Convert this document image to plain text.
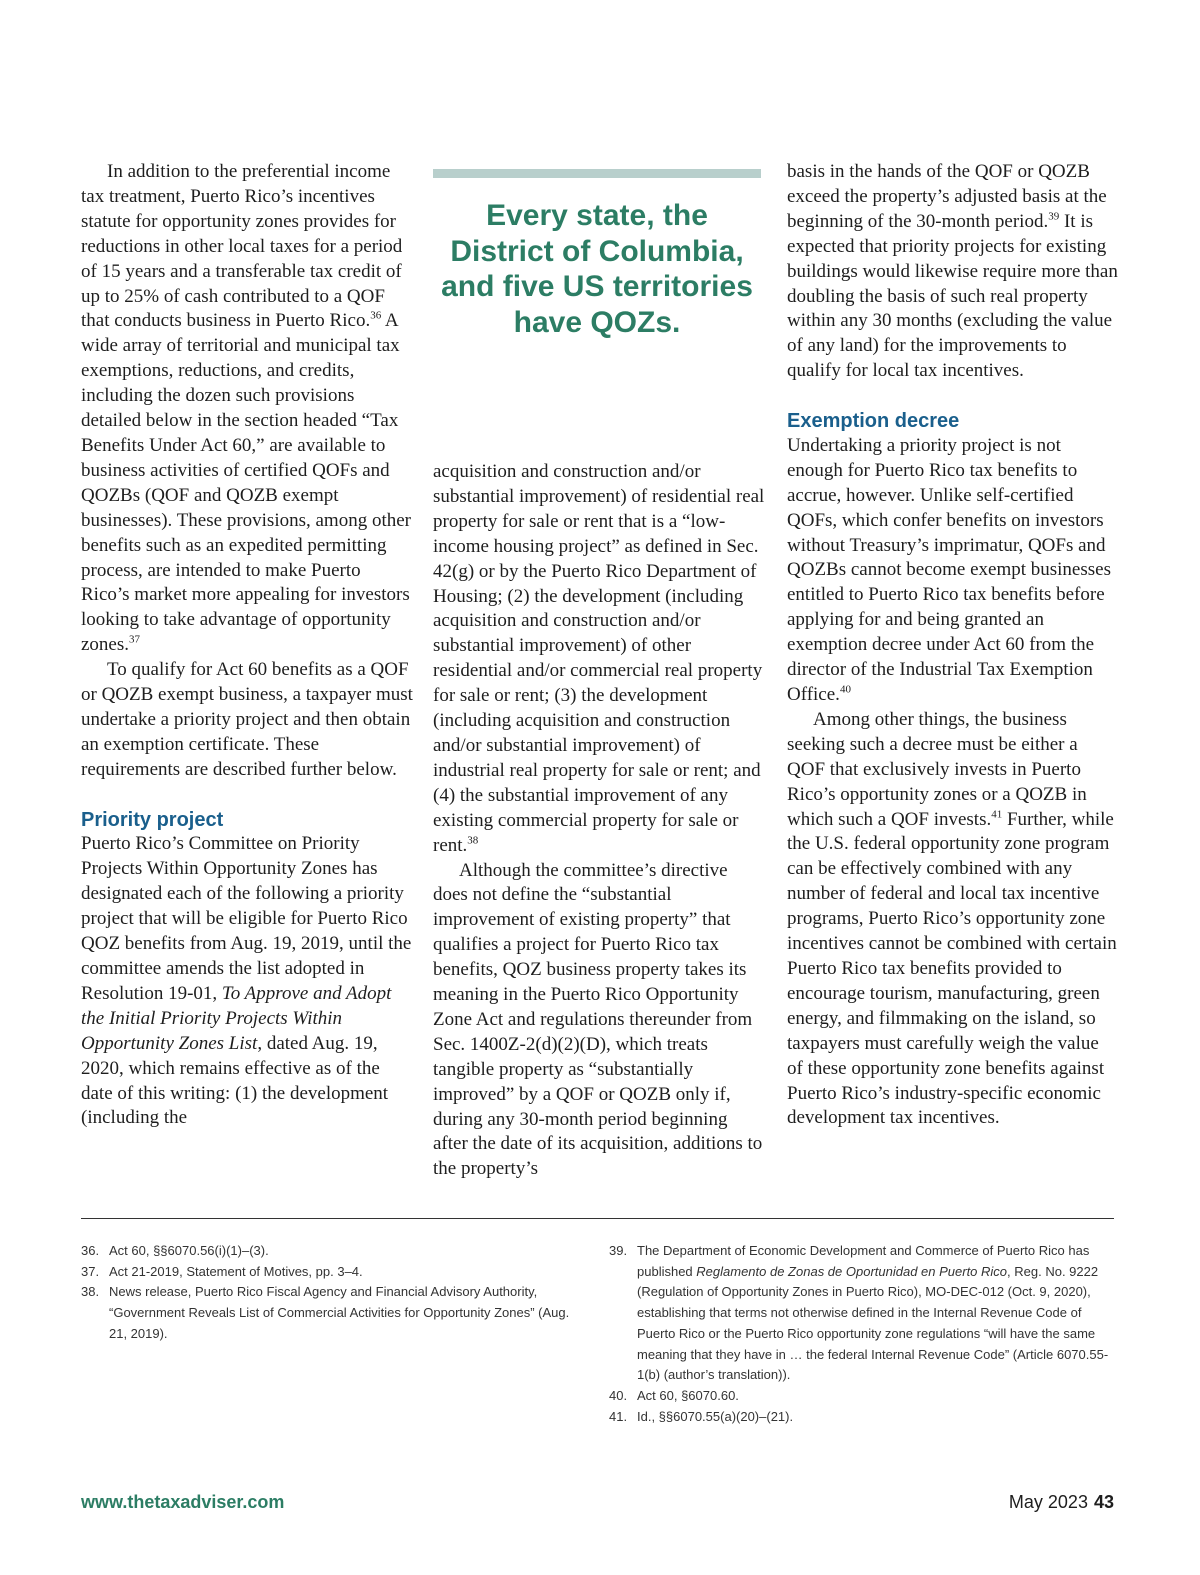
In addition to the preferential income tax treatment, Puerto Rico’s incentives statute for opportunity zones provides for reductions in other local taxes for a period of 15 years and a transferable tax credit of up to 25% of cash contributed to a QOF that conducts business in Puerto Rico.$^{36}$ A wide array of territorial and municipal tax exemptions, reductions, and credits, including the dozen such provisions detailed below in the section headed “Tax Benefits Under Act 60,” are available to business activities of certified QOFs and QOZBs (QOF and QOZB exempt businesses). These provisions, among other benefits such as an expedited permitting process, are intended to make Puerto Rico’s market more appealing for investors looking to take advantage of opportunity zones.$^{37}$

To qualify for Act 60 benefits as a QOF or QOZB exempt business, a taxpayer must undertake a priority project and then obtain an exemption certificate. These requirements are described further below.

Priority project

Puerto Rico’s Committee on Priority Projects Within Opportunity Zones has designated each of the following a priority project that will be eligible for Puerto Rico QOZ benefits from Aug. 19, 2019, until the committee amends the list adopted in Resolution 19-01, To Approve and Adopt the Initial Priority Projects Within Opportunity Zones List, dated Aug. 19, 2020, which remains effective as of the date of this writing: (1) the development (including the

Every state, the District of Columbia, and five US territories have QOZs.

acquisition and construction and/or substantial improvement) of residential real property for sale or rent that is a “low-income housing project” as defined in Sec. 42(g) or by the Puerto Rico Department of Housing; (2) the development (including acquisition and construction and/or substantial improvement) of other residential and/or commercial real property for sale or rent; (3) the development (including acquisition and construction and/or substantial improvement) of industrial real property for sale or rent; and (4) the substantial improvement of any existing commercial property for sale or rent.$^{38}$

Although the committee’s directive does not define the “substantial improvement of existing property” that qualifies a project for Puerto Rico tax benefits, QOZ business property takes its meaning in the Puerto Rico Opportunity Zone Act and regulations thereunder from Sec. 1400Z-2(d)(2)(D), which treats tangible property as “substantially improved” by a QOF or QOZB only if, during any 30-month period beginning after the date of its acquisition, additions to the property’s

basis in the hands of the QOF or QOZB exceed the property’s adjusted basis at the beginning of the 30-month period.$^{39}$ It is expected that priority projects for existing buildings would likewise require more than doubling the basis of such real property within any 30 months (excluding the value of any land) for the improvements to qualify for local tax incentives.

Exemption decree

Undertaking a priority project is not enough for Puerto Rico tax benefits to accrue, however. Unlike self-certified QOFs, which confer benefits on investors without Treasury’s imprimatur, QOFs and QOZBs cannot become exempt businesses entitled to Puerto Rico tax benefits before applying for and being granted an exemption decree under Act 60 from the director of the Industrial Tax Exemption Office.$^{40}$

Among other things, the business seeking such a decree must be either a QOF that exclusively invests in Puerto Rico’s opportunity zones or a QOZB in which such a QOF invests.$^{41}$ Further, while the U.S. federal opportunity zone program can be effectively combined with any number of federal and local tax incentive programs, Puerto Rico’s opportunity zone incentives cannot be combined with certain Puerto Rico tax benefits provided to encourage tourism, manufacturing, green energy, and filmmaking on the island, so taxpayers must carefully weigh the value of these opportunity zone benefits against Puerto Rico’s industry-specific economic development tax incentives.

36. Act 60, §§6070.56(i)(1)–(3).
37. Act 21-2019, Statement of Motives, pp. 3–4.
38. News release, Puerto Rico Fiscal Agency and Financial Advisory Authority, “Government Reveals List of Commercial Activities for Opportunity Zones” (Aug. 21, 2019).
39. The Department of Economic Development and Commerce of Puerto Rico has published Reglamento de Zonas de Oportunidad en Puerto Rico, Reg. No. 9222 (Regulation of Opportunity Zones in Puerto Rico), MO-DEC-012 (Oct. 9, 2020), establishing that terms not otherwise defined in the Internal Revenue Code of Puerto Rico or the Puerto Rico opportunity zone regulations “will have the same meaning that they have in … the federal Internal Revenue Code” (Article 6070.55-1(b) (author’s translation)).
40. Act 60, §6070.60.
41. Id., §§6070.55(a)(20)–(21).
www.thetaxadviser.com	May 2023 43
